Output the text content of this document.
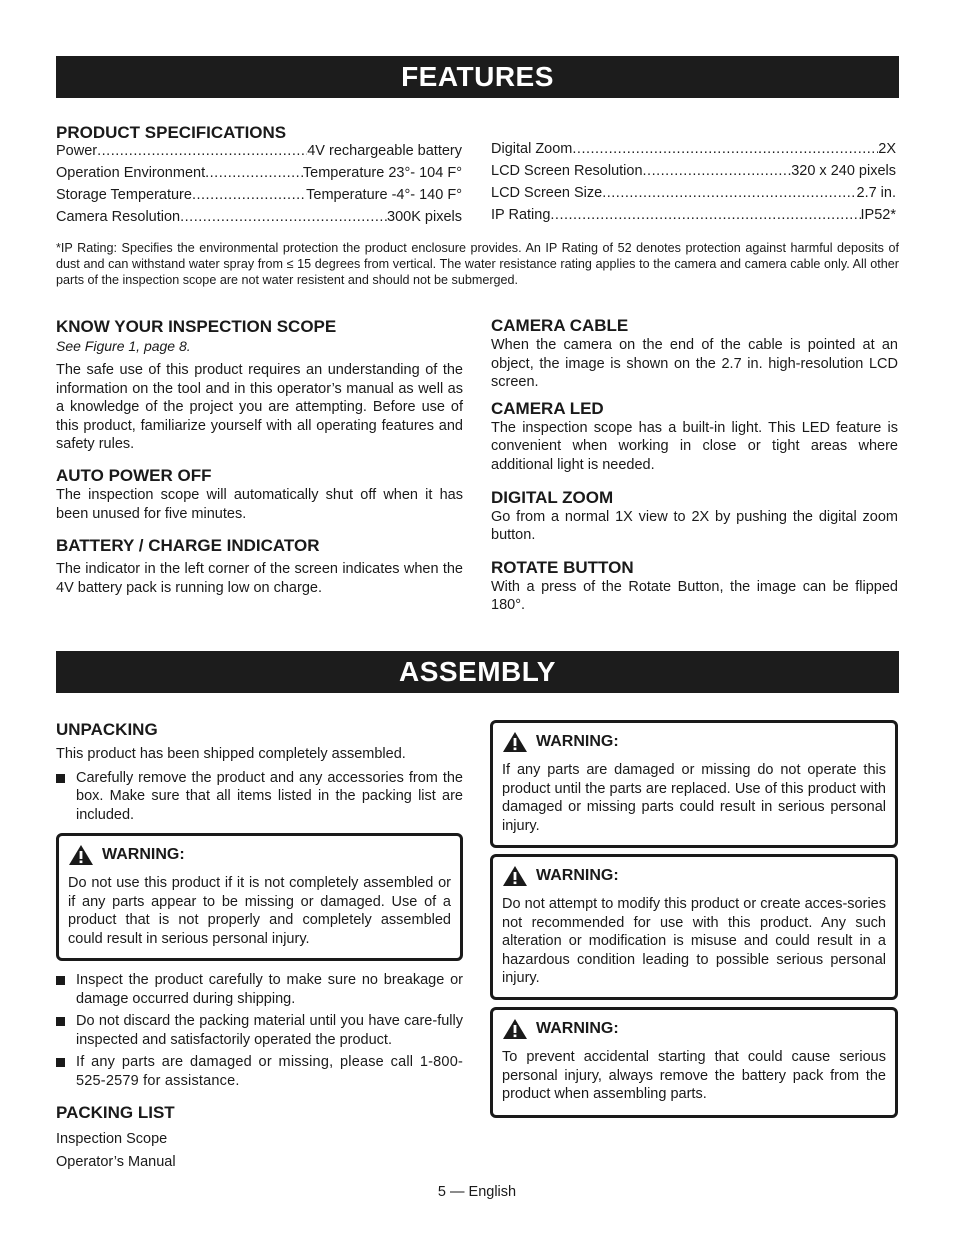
FEATURES

PRODUCT SPECIFICATIONS

Power .....	4V rechargeable battery
Operation Environment .....	Temperature 23°- 104 F°
Storage Temperature .....	Temperature -4°- 140 F°
Camera Resolution .....	300K pixels
Digital Zoom .....	2X
LCD Screen Resolution .....	320 x 240 pixels
LCD Screen Size .....	2.7 in.
IP Rating .....	IP52*
*IP Rating: Specifies the environmental protection the product enclosure provides. An IP Rating of 52 denotes protection against harmful deposits of dust and can withstand water spray from ≤ 15 degrees from vertical. The water resistance rating applies to the camera and camera cable only. All other parts of the inspection scope are not water resistent and should not be submerged.

KNOW YOUR INSPECTION SCOPE

See Figure 1, page 8.

The safe use of this product requires an understanding of the information on the tool and in this operator’s manual as well as a knowledge of the project you are attempting. Before use of this product, familiarize yourself with all operating features and safety rules.

AUTO POWER OFF

The inspection scope will automatically shut off when it has been unused for five minutes.

BATTERY / CHARGE INDICATOR

The indicator in the left corner of the screen indicates when the 4V battery pack is running low on charge.

CAMERA CABLE

When the camera on the end of the cable is pointed at an object, the image is shown on the 2.7 in. high-resolution LCD screen.

CAMERA LED

The inspection scope has a built-in light. This LED feature is convenient when working in close or tight areas where additional light is needed.

DIGITAL ZOOM

Go from a normal 1X view to 2X by pushing the digital zoom button.

ROTATE BUTTON

With a press of the Rotate Button, the image can be flipped 180°.

ASSEMBLY

UNPACKING

This product has been shipped completely assembled.

Carefully remove the product and any accessories from the box. Make sure that all items listed in the packing list are included.
WARNING:

Do not use this product if it is not completely assembled or if any parts appear to be missing or damaged. Use of a product that is not properly and completely assembled could result in serious personal injury.

Inspect the product carefully to make sure no breakage or damage occurred during shipping.
Do not discard the packing material until you have care-fully inspected and satisfactorily operated the product.
If any parts are damaged or missing, please call 1-800-525-2579 for assistance.

PACKING LIST

Inspection Scope

Operator’s Manual

WARNING:

If any parts are damaged or missing do not operate this product until the parts are replaced. Use of this product with damaged or missing parts could result in serious personal injury.

WARNING:

Do not attempt to modify this product or create acces-sories not recommended for use with this product. Any such alteration or modification is misuse and could result in a hazardous condition leading to possible serious personal injury.

WARNING:

To prevent accidental starting that could cause serious personal injury, always remove the battery pack from the product when assembling parts.

5 — English
